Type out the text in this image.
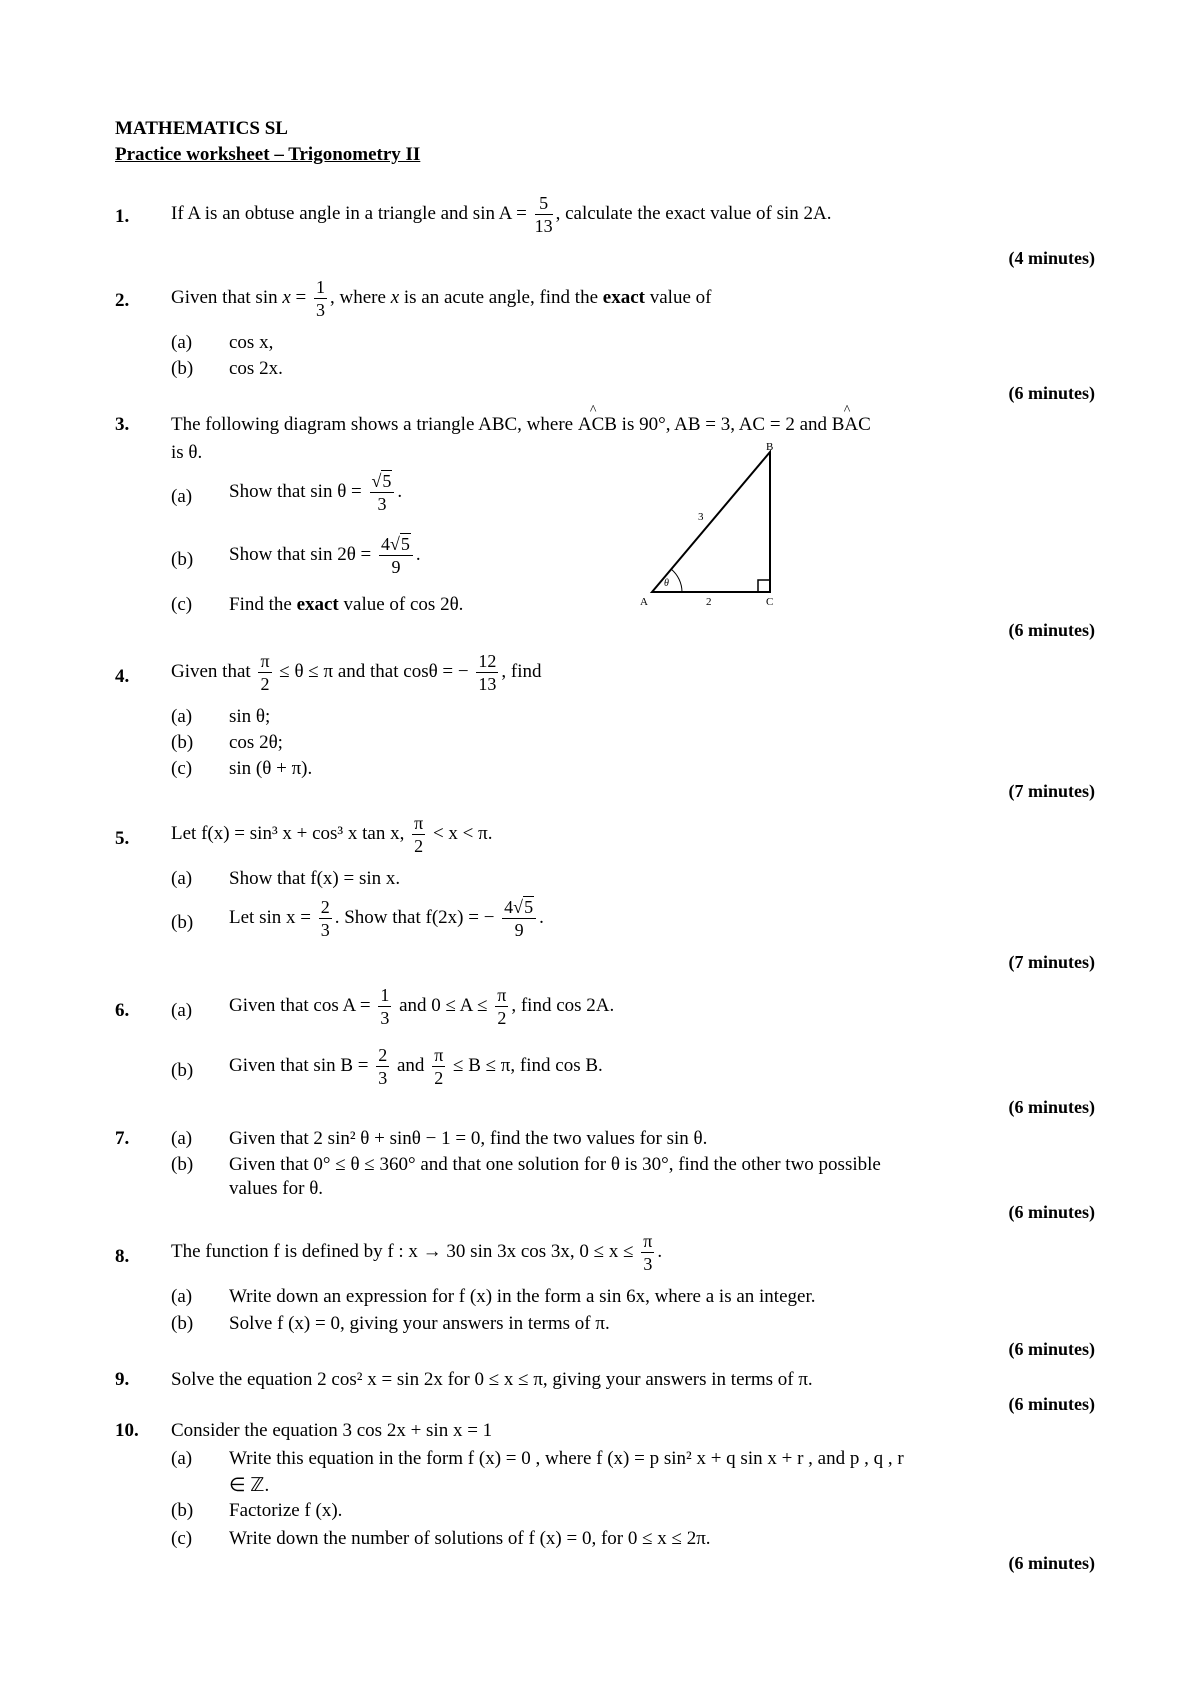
MATHEMATICS SL
Practice worksheet – Trigonometry II
1.	If A is an obtuse angle in a triangle and $\sin A = \frac{5}{13}$ , calculate the exact value of sin 2A.
(4 minutes)
2.	Given that $\sin x = \frac{1}{3}$ , where x is an acute angle, find the exact value of
(a)	cos x,
(b)	cos 2x.
(6 minutes)
3.	The following diagram shows a triangle ABC, where ^ ACB is 90°, AB = 3, AC = 2 and ^ BAC
is θ.
(a)	Show that $\sin \theta = \frac{√5}{3}$ .
(b)	Show that $\sin 2\theta = \frac{4√5}{9}$ .
(c)	Find the exact value of cos 2θ.
θ
A
B
C
3
2
(6 minutes)
4.	Given that $\frac{\pi}{2} \le \theta \le \pi$ and that cosθ = − $\frac{12}{13}$ , find
(a)	sin θ;
(b)	cos 2θ;
(c)	sin (θ + π).
(7 minutes)
5.	Let f(x) = sin³ x + cos³ x tan x, $\frac{\pi}{2} < x < \pi$.
(a)	Show that f(x) = sin x.
(b)	Let $\sin x = \frac{2}{3}$ . Show that f(2x) = − $\frac{4√5}{9}$ .
(7 minutes)
6.	(a)	Given that $\cos A = \frac{1}{3}$ and $0 \le A \le \frac{\pi}{2}$ , find cos 2A.
(b)	Given that $\sin B = \frac{2}{3}$ and $\frac{\pi}{2} \le B \le \pi$, find cos B.
(6 minutes)
7.	(a)	Given that 2 sin² θ + sinθ − 1 = 0, find the two values for sin θ.
(b)	Given that 0° ≤ θ ≤ 360° and that one solution for θ is 30°, find the other two possible
values for θ.
(6 minutes)
8.	The function f is defined by f : x → 30 sin 3x cos 3x, $0 \le x \le \frac{\pi}{3}$ .
(a)	Write down an expression for f (x) in the form a sin 6x, where a is an integer.
(b)	Solve f (x) = 0, giving your answers in terms of π.
(6 minutes)
9.	Solve the equation 2 cos² x = sin 2x for 0 ≤ x ≤ π, giving your answers in terms of π.
(6 minutes)
10.	Consider the equation 3 cos 2x + sin x = 1
(a)	Write this equation in the form f (x) = 0 , where f (x) = p sin² x + q sin x + r , and p , q , r
∈ ℤ.
(b)	Factorize f (x).
(c)	Write down the number of solutions of f (x) = 0, for 0 ≤ x ≤ 2π.
(6 minutes)
